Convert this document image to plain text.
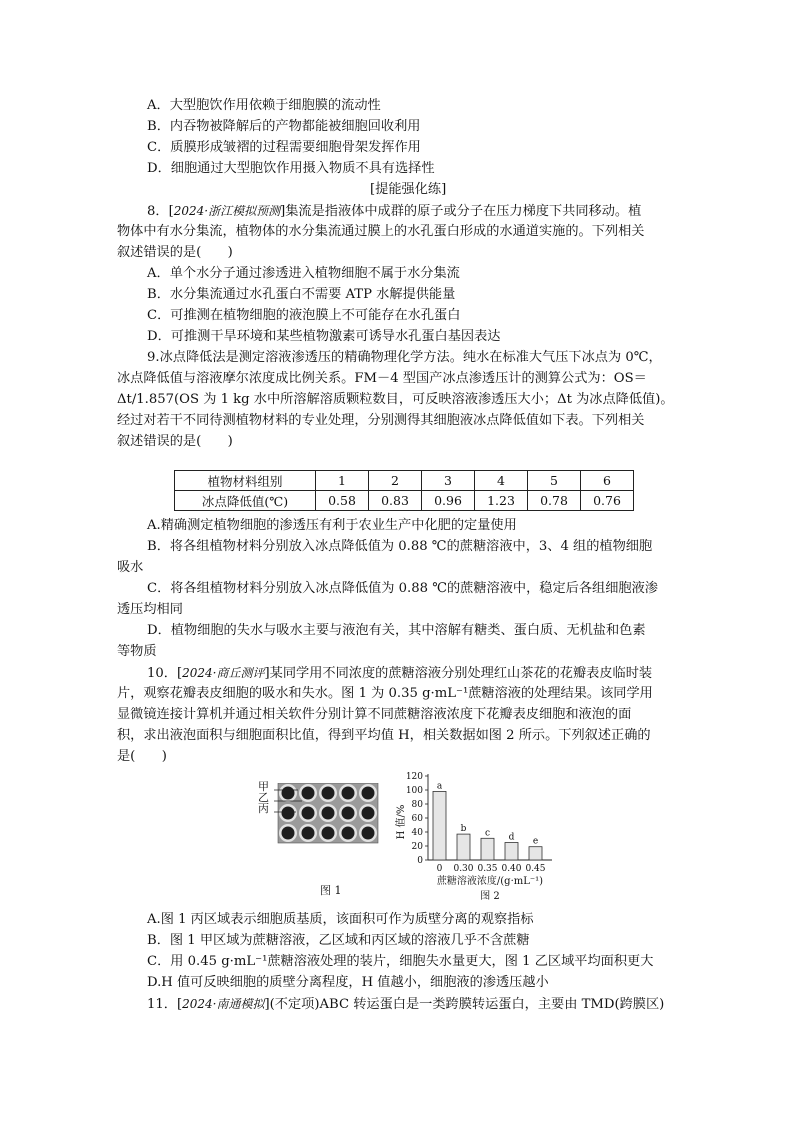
A．大型胞饮作用依赖于细胞膜的流动性
B．内吞物被降解后的产物都能被细胞回收利用
C．质膜形成皱褶的过程需要细胞骨架发挥作用
D．细胞通过大型胞饮作用摄入物质不具有选择性
[提能强化练]
8．[2024·浙江模拟预测]集流是指液体中成群的原子或分子在压力梯度下共同移动。植
物体中有水分集流，植物体的水分集流通过膜上的水孔蛋白形成的水通道实施的。下列相关
叙述错误的是(　　)
A．单个水分子通过渗透进入植物细胞不属于水分集流
B．水分集流通过水孔蛋白不需要 ATP 水解提供能量
C．可推测在植物细胞的液泡膜上不可能存在水孔蛋白
D．可推测干旱环境和某些植物激素可诱导水孔蛋白基因表达
9.冰点降低法是测定溶液渗透压的精确物理化学方法。纯水在标准大气压下冰点为 0℃，
冰点降低值与溶液摩尔浓度成比例关系。FM－4 型国产冰点渗透压计的测算公式为：OS＝
Δt/1.857(OS 为 1 kg 水中所溶解溶质颗粒数目，可反映溶液渗透压大小；Δt 为冰点降低值)。
经过对若干不同待测植物材料的专业处理，分别测得其细胞液冰点降低值如下表。下列相关
叙述错误的是(　　)
植物材料组别	1	2	3	4	5	6
冰点降低值(℃)	0.58	0.83	0.96	1.23	0.78	0.76
A.精确测定植物细胞的渗透压有利于农业生产中化肥的定量使用
B．将各组植物材料分别放入冰点降低值为 0.88 ℃的蔗糖溶液中，3、4 组的植物细胞
吸水
C．将各组植物材料分别放入冰点降低值为 0.88 ℃的蔗糖溶液中，稳定后各组细胞液渗
透压均相同
D．植物细胞的失水与吸水主要与液泡有关，其中溶解有糖类、蛋白质、无机盐和色素
等物质
10．[2024·商丘测评]某同学用不同浓度的蔗糖溶液分别处理红山茶花的花瓣表皮临时装
片，观察花瓣表皮细胞的吸水和失水。图 1 为 0.35 g·mL⁻¹蔗糖溶液的处理结果。该同学用
显微镜连接计算机并通过相关软件分别计算不同蔗糖溶液浓度下花瓣表皮细胞和液泡的面
积，求出液泡面积与细胞面积比值，得到平均值 H，相关数据如图 2 所示。下列叙述正确的
是(　　)
甲
乙
丙
图 1
0
20
40
60
80
100
120
H 值/%
a
0
b
0.30
c
0.35
d
0.40
e
0.45
蔗糖溶液浓度/(g·mL⁻¹)
图 2
A.图 1 丙区域表示细胞质基质，该面积可作为质壁分离的观察指标
B．图 1 甲区域为蔗糖溶液，乙区域和丙区域的溶液几乎不含蔗糖
C．用 0.45 g·mL⁻¹蔗糖溶液处理的装片，细胞失水量更大，图 1 乙区域平均面积更大
D.H 值可反映细胞的质壁分离程度，H 值越小，细胞液的渗透压越小
11．[2024·南通模拟](不定项)ABC 转运蛋白是一类跨膜转运蛋白，主要由 TMD(跨膜区)
